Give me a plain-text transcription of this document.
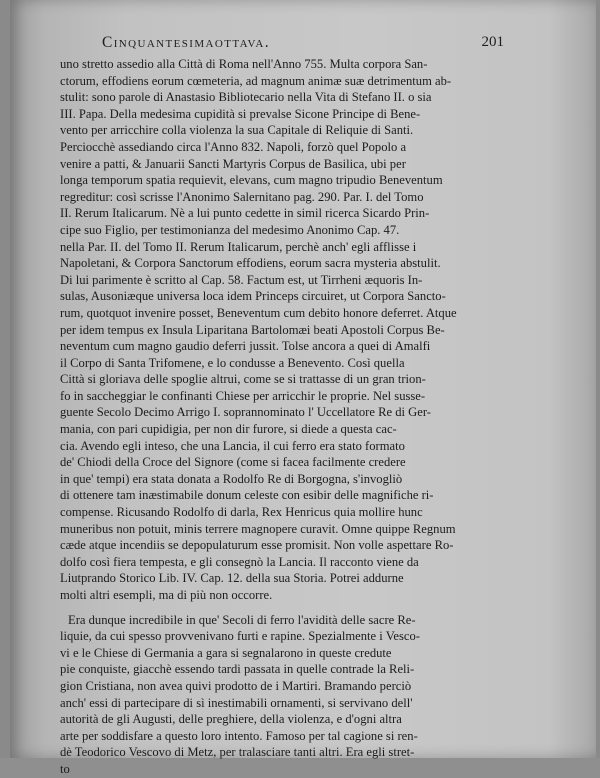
Cinquantesimaottava.	201
uno stretto assedio alla Città di Roma nell'Anno 755. Multa corpora San-
ctorum, effodiens eorum cœmeteria, ad magnum animæ suæ detrimentum ab-
stulit: sono parole di Anastasio Bibliotecario nella Vita di Stefano II. o sia
III. Papa. Della medesima cupidità si prevalse Sicone Principe di Bene-
vento per arricchire colla violenza la sua Capitale di Reliquie di Santi.
Perciocchè assediando circa l'Anno 832. Napoli, forzò quel Popolo a
venire a patti, & Januarii Sancti Martyris Corpus de Basilica, ubi per
longa temporum spatia requievit, elevans, cum magno tripudio Beneventum
regreditur: così scrisse l'Anonimo Salernitano pag. 290. Par. I. del Tomo
II. Rerum Italicarum. Nè a lui punto cedette in simil ricerca Sicardo Prin-
cipe suo Figlio, per testimonianza del medesimo Anonimo Cap. 47.
nella Par. II. del Tomo II. Rerum Italicarum, perchè anch' egli afflisse i
Napoletani, & Corpora Sanctorum effodiens, eorum sacra mysteria abstulit.
Di lui parimente è scritto al Cap. 58. Factum est, ut Tirrheni æquoris In-
sulas, Ausoniæque universa loca idem Princeps circuiret, ut Corpora Sancto-
rum, quotquot invenire posset, Beneventum cum debito honore deferret. Atque
per idem tempus ex Insula Liparitana Bartolomæi beati Apostoli Corpus Be-
neventum cum magno gaudio deferri jussit. Tolse ancora a quei di Amalfi
il Corpo di Santa Trifomene, e lo condusse a Benevento. Così quella
Città si gloriava delle spoglie altrui, come se si trattasse di un gran trion-
fo in saccheggiar le confinanti Chiese per arricchir le proprie. Nel susse-
guente Secolo Decimo Arrigo I. soprannominato l' Uccellatore Re di Ger-
mania, con pari cupidigia, per non dir furore, si diede a questa cac-
cia. Avendo egli inteso, che una Lancia, il cui ferro era stato formato
de' Chiodi della Croce del Signore (come si facea facilmente credere
in que' tempi) era stata donata a Rodolfo Re di Borgogna, s'invogliò
di ottenere tam inæstimabile donum celeste con esibir delle magnifiche ri-
compense. Ricusando Rodolfo di darla, Rex Henricus quia mollire hunc
muneribus non potuit, minis terrere magnopere curavit. Omne quippe Regnum
cæde atque incendiis se depopulaturum esse promisit. Non volle aspettare Ro-
dolfo così fiera tempesta, e gli consegnò la Lancia. Il racconto viene da
Liutprando Storico Lib. IV. Cap. 12. della sua Storia. Potrei addurne
molti altri esempli, ma di più non occorre.
Era dunque incredibile in que' Secoli di ferro l'avidità delle sacre Re-
liquie, da cui spesso provvenivano furti e rapine. Spezialmente i Vesco-
vi e le Chiese di Germania a gara si segnalarono in queste credute
pie conquiste, giacchè essendo tardi passata in quelle contrade la Reli-
gion Cristiana, non avea quivi prodotto de i Martiri. Bramando perciò
anch' essi di partecipare di sì inestimabili ornamenti, si servivano dell'
autorità de gli Augusti, delle preghiere, della violenza, e d'ogni altra
arte per soddisfare a questo loro intento. Famoso per tal cagione si ren-
dè Teodorico Vescovo di Metz, per tralasciare tanti altri. Era egli stret-
to
